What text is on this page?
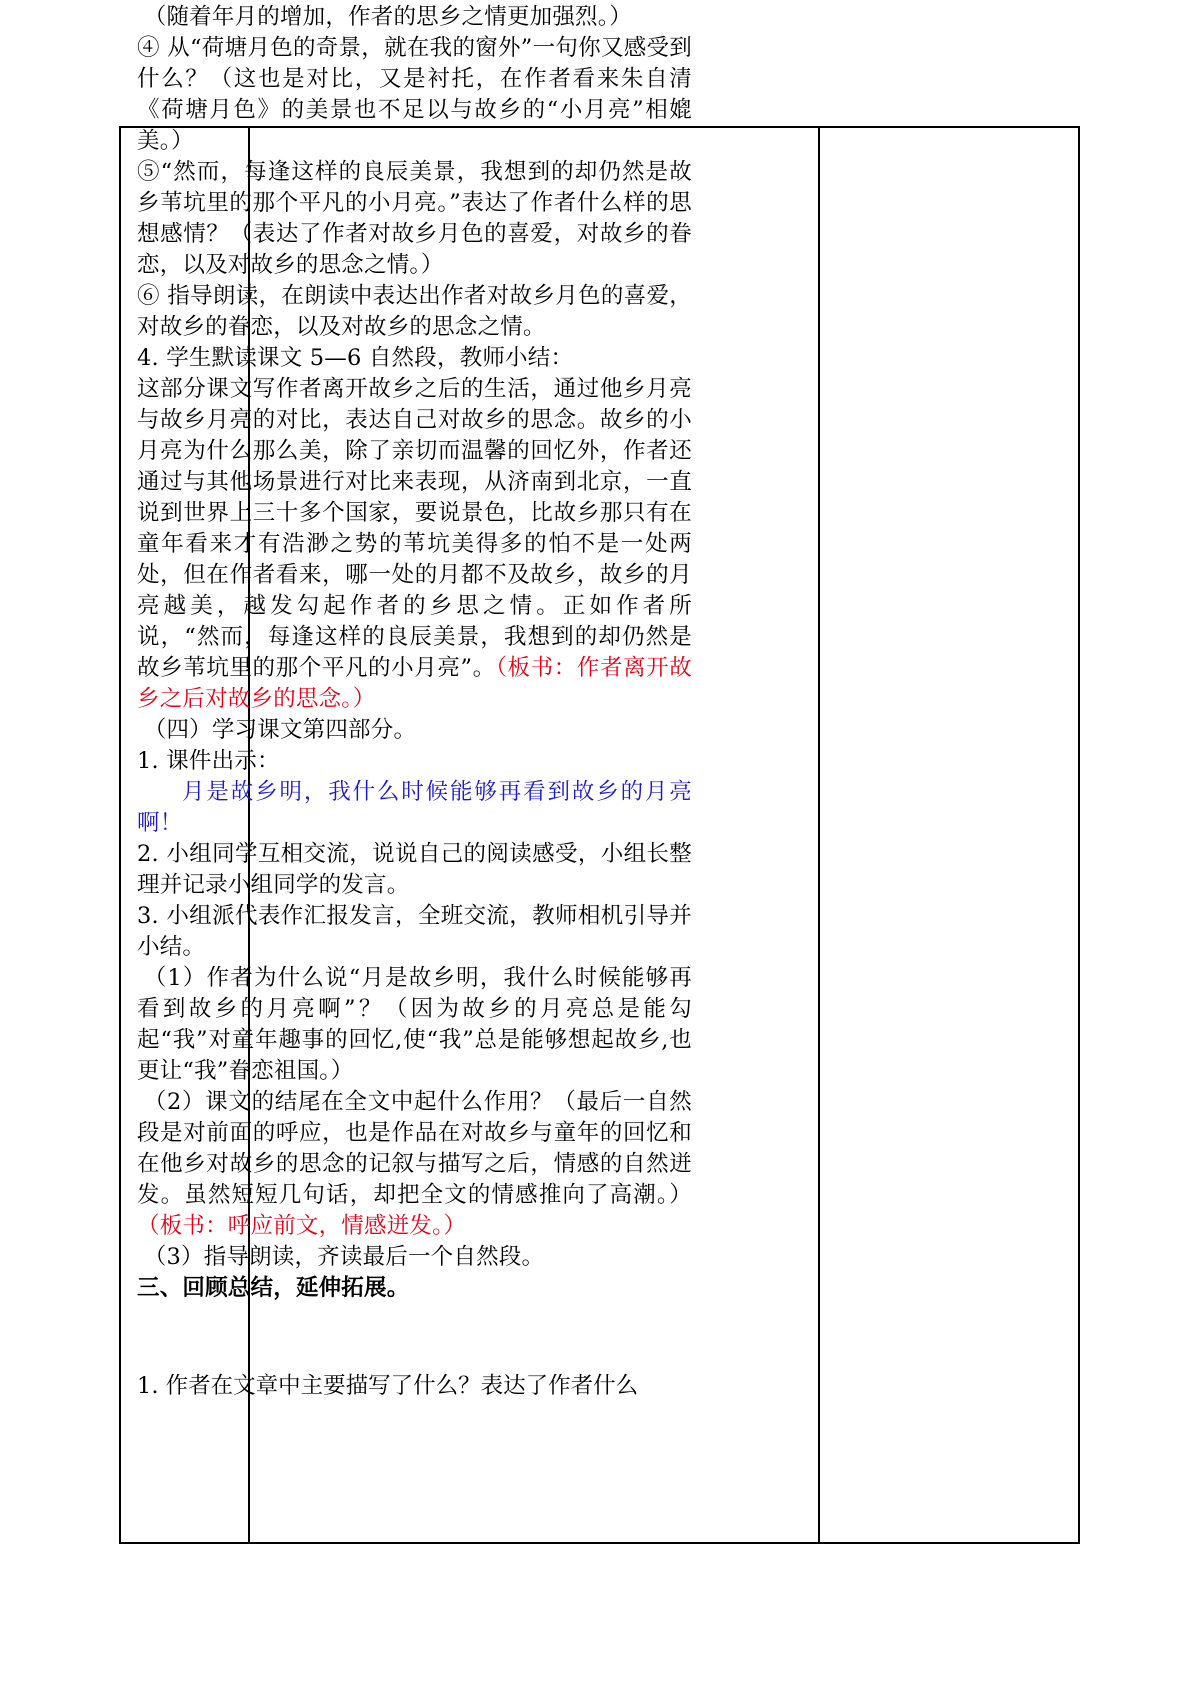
（随着年月的增加，作者的思乡之情更加强烈。）

④ 从“荷塘月色的奇景，就在我的窗外”一句你又感受到什么？（这也是对比，又是衬托，在作者看来朱自清《荷塘月色》的美景也不足以与故乡的“小月亮”相媲美。）

⑤“然而，每逢这样的良辰美景，我想到的却仍然是故乡苇坑里的那个平凡的小月亮。”表达了作者什么样的思想感情？（表达了作者对故乡月色的喜爱，对故乡的眷恋，以及对故乡的思念之情。）

⑥ 指导朗读，在朗读中表达出作者对故乡月色的喜爱，对故乡的眷恋，以及对故乡的思念之情。

4. 学生默读课文 5—6 自然段，教师小结：

这部分课文写作者离开故乡之后的生活，通过他乡月亮与故乡月亮的对比，表达自己对故乡的思念。故乡的小月亮为什么那么美，除了亲切而温馨的回忆外，作者还通过与其他场景进行对比来表现，从济南到北京，一直说到世界上三十多个国家，要说景色，比故乡那只有在童年看来才有浩渺之势的苇坑美得多的怕不是一处两处，但在作者看来，哪一处的月都不及故乡，故乡的月亮越美，越发勾起作者的乡思之情。正如作者所说，“然而，每逢这样的良辰美景，我想到的却仍然是故乡苇坑里的那个平凡的小月亮”。（板书：作者离开故乡之后对故乡的思念。）

（四）学习课文第四部分。

1. 课件出示：

月是故乡明，我什么时候能够再看到故乡的月亮啊！

2. 小组同学互相交流，说说自己的阅读感受，小组长整理并记录小组同学的发言。

3. 小组派代表作汇报发言，全班交流，教师相机引导并小结。

（1）作者为什么说“月是故乡明，我什么时候能够再看到故乡的月亮啊”？（因为故乡的月亮总是能勾起“我”对童年趣事的回忆,使“我”总是能够想起故乡,也更让“我”眷恋祖国。）

（2）课文的结尾在全文中起什么作用？（最后一自然段是对前面的呼应，也是作品在对故乡与童年的回忆和在他乡对故乡的思念的记叙与描写之后，情感的自然迸发。虽然短短几句话，却把全文的情感推向了高潮。）（板书：呼应前文，情感迸发。）

（3）指导朗读，齐读最后一个自然段。

三、回顾总结，延伸拓展。

1. 作者在文章中主要描写了什么？表达了作者什么
